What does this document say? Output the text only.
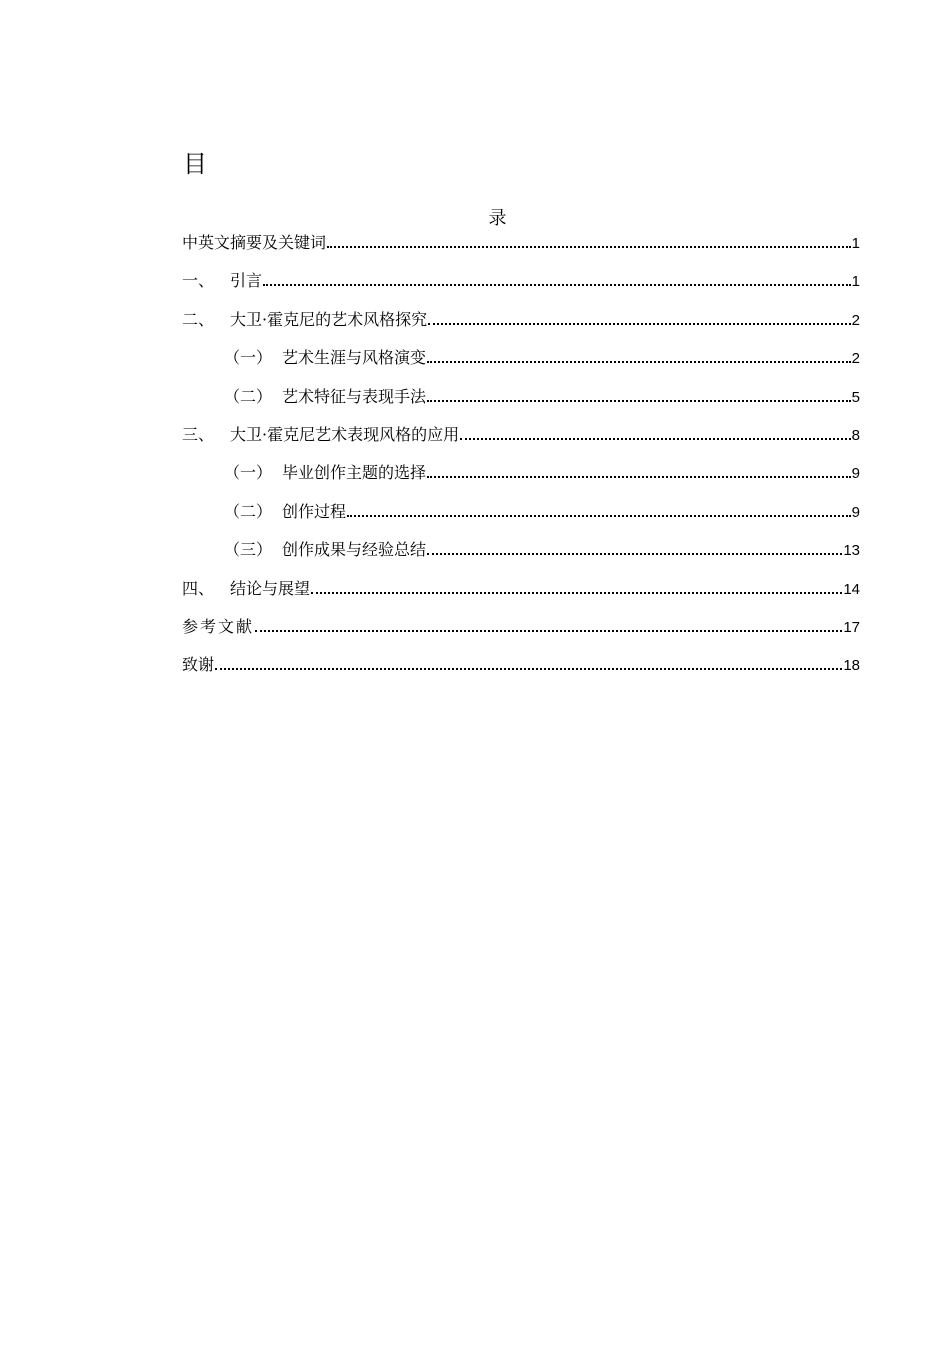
目
录
中英文摘要及关键词	1
一、 引言	1
二、 大卫·霍克尼的艺术风格探究	2
（一） 艺术生涯与风格演变	2
（二） 艺术特征与表现手法	5
三、 大卫·霍克尼艺术表现风格的应用	8
（一） 毕业创作主题的选择	9
（二） 创作过程	9
（三） 创作成果与经验总结	13
四、 结论与展望	14
参考文献	17
致谢	18
